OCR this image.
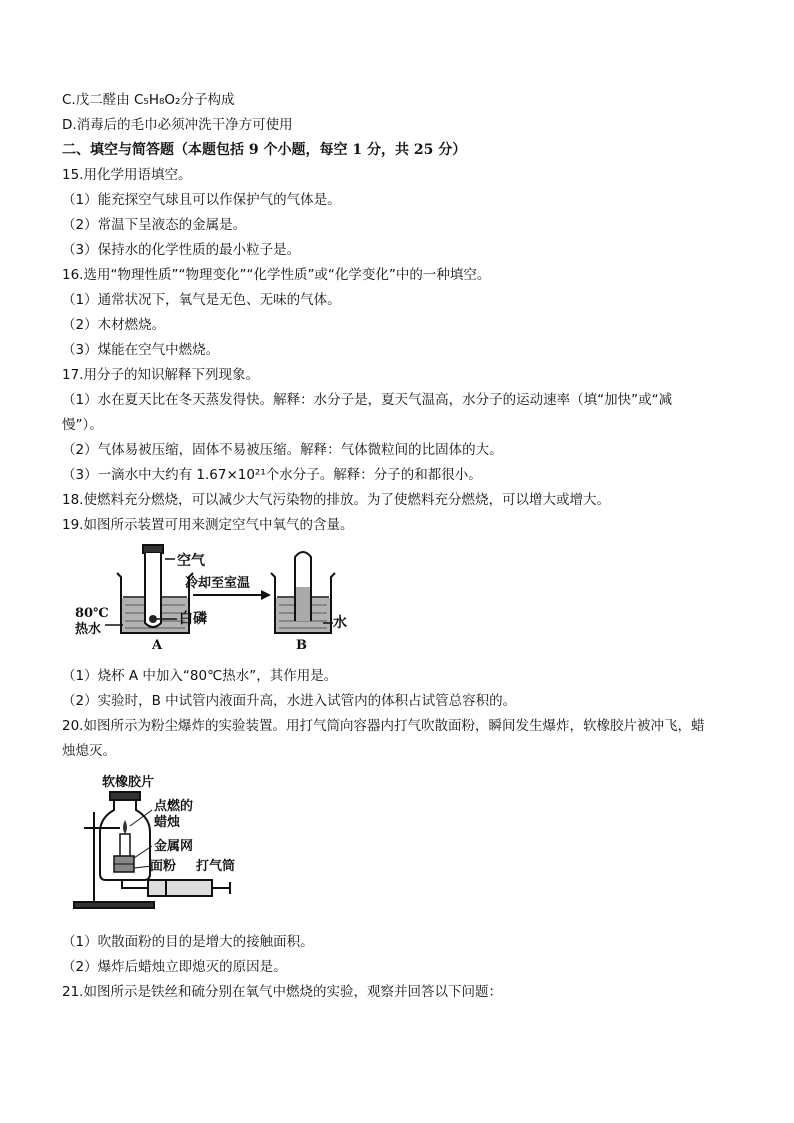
C.戊二醛由 C₅H₈O₂分子构成
D.消毒后的毛巾必须冲洗干净方可使用
二、填空与简答题（本题包括 9 个小题，每空 1 分，共 25 分）
15.用化学用语填空。
（1）能充探空气球且可以作保护气的气体是。
（2）常温下呈液态的金属是。
（3）保持水的化学性质的最小粒子是。
16.选用“物理性质”“物理变化”“化学性质”或“化学变化”中的一种填空。
（1）通常状况下，氧气是无色、无味的气体。
（2）木材燃烧。
（3）煤能在空气中燃烧。
17.用分子的知识解释下列现象。
（1）水在夏天比在冬天蒸发得快。解释：水分子是，夏天气温高，水分子的运动速率（填“加快”或“减
慢”）。
（2）气体易被压缩，固体不易被压缩。解释：气体微粒间的比固体的大。
（3）一滴水中大约有 1.67×10²¹个水分子。解释：分子的和都很小。
18.使燃料充分燃烧，可以减少大气污染物的排放。为了使燃料充分燃烧，可以增大或增大。
19.如图所示装置可用来测定空气中氧气的含量。
空气
白磷
80℃
热水
A
冷却至室温
水
B
（1）烧杯 A 中加入“80℃热水”，其作用是。
（2）实验时，B 中试管内液面升高，水进入试管内的体积占试管总容积的。
20.如图所示为粉尘爆炸的实验装置。用打气筒向容器内打气吹散面粉，瞬间发生爆炸，软橡胶片被冲飞，蜡
烛熄灭。
软橡胶片
点燃的
蜡烛
金属网
面粉 打气筒
（1）吹散面粉的目的是增大的接触面积。
（2）爆炸后蜡烛立即熄灭的原因是。
21.如图所示是铁丝和硫分别在氧气中燃烧的实验，观察并回答以下问题：
